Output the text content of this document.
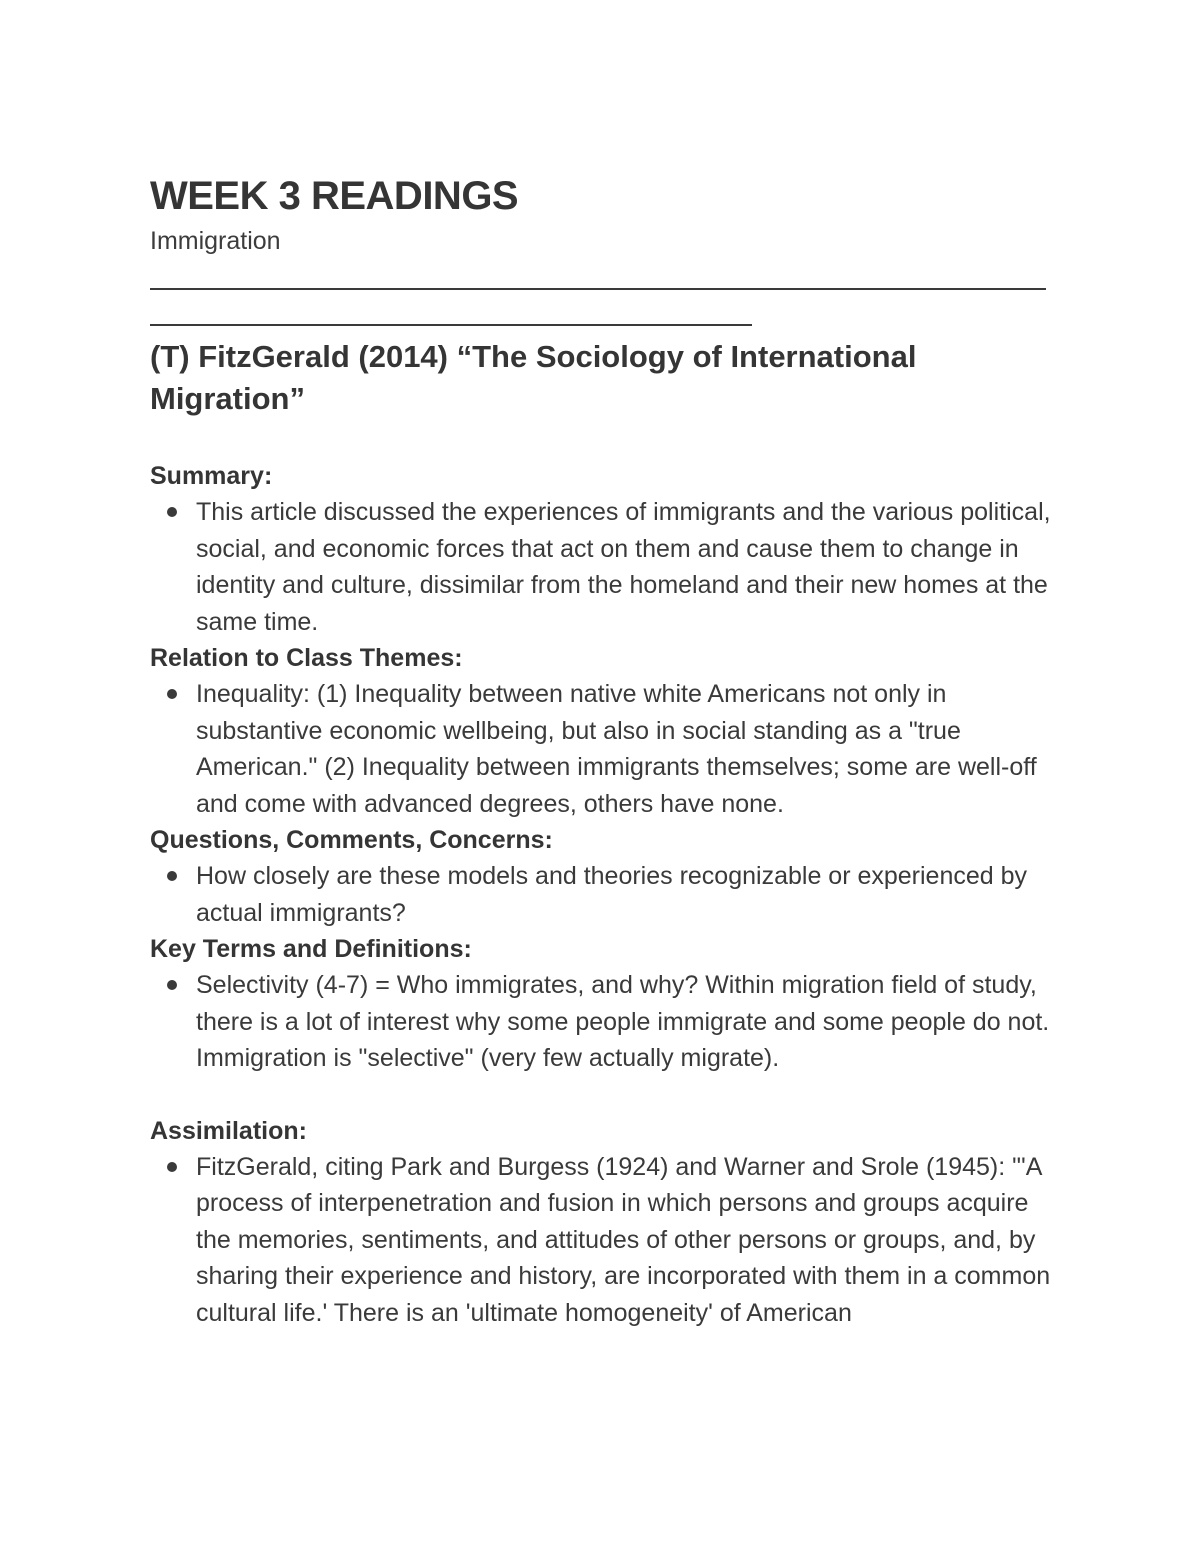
WEEK 3 READINGS
Immigration
(T) FitzGerald (2014) “The Sociology of International Migration”
Summary:
This article discussed the experiences of immigrants and the various political, social, and economic forces that act on them and cause them to change in identity and culture, dissimilar from the homeland and their new homes at the same time.
Relation to Class Themes:
Inequality: (1) Inequality between native white Americans not only in substantive economic wellbeing, but also in social standing as a "true American." (2) Inequality between immigrants themselves; some are well-off and come with advanced degrees, others have none.
Questions, Comments, Concerns:
How closely are these models and theories recognizable or experienced by actual immigrants?
Key Terms and Definitions:
Selectivity (4-7) = Who immigrates, and why? Within migration field of study, there is a lot of interest why some people immigrate and some people do not. Immigration is "selective" (very few actually migrate).
Assimilation:
FitzGerald, citing Park and Burgess (1924) and Warner and Srole (1945): "'A process of interpenetration and fusion in which persons and groups acquire the memories, sentiments, and attitudes of other persons or groups, and, by sharing their experience and history, are incorporated with them in a common cultural life.' There is an 'ultimate homogeneity' of American
